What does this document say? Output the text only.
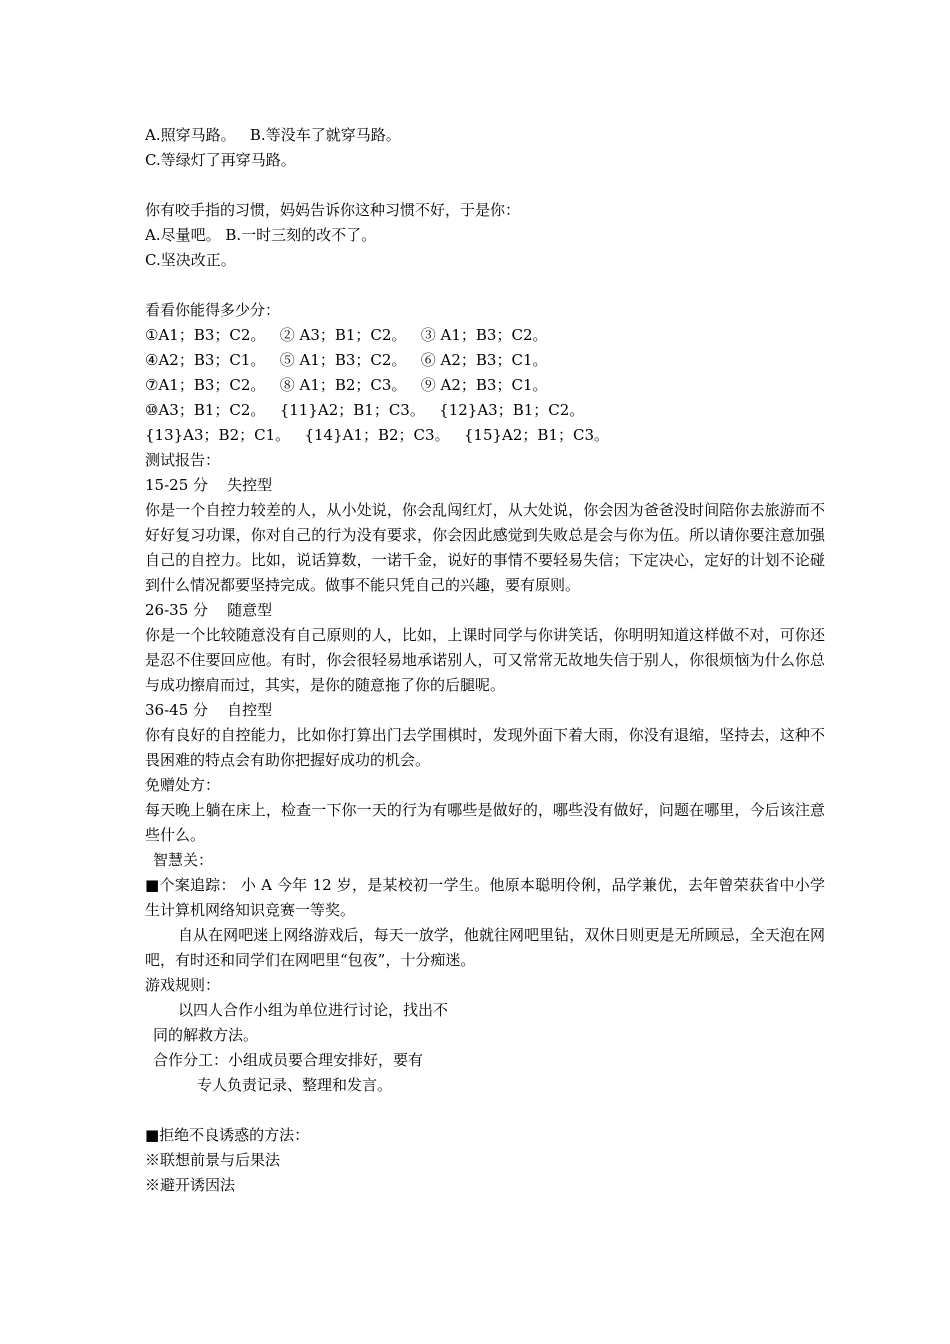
A.照穿马路。   B.等没车了就穿马路。
C.等绿灯了再穿马路。
你有咬手指的习惯，妈妈告诉你这种习惯不好，于是你：
A.尽量吧。 B.一时三刻的改不了。
C.坚决改正。
看看你能得多少分：
①A1；B3；C2。   ② A3；B1；C2。   ③ A1；B3；C2。
④A2；B3；C1。   ⑤ A1；B3；C2。   ⑥ A2；B3；C1。
⑦A1；B3；C2。   ⑧ A1；B2；C3。   ⑨ A2；B3；C1。
⑩A3；B1；C2。   {11}A2；B1；C3。   {12}A3；B1；C2。
{13}A3；B2；C1。   {14}A1；B2；C3。   {15}A2；B1；C3。
测试报告：
15-25 分    失控型
你是一个自控力较差的人，从小处说，你会乱闯红灯，从大处说，你会因为爸爸没时间陪你去旅游而不好好复习功课，你对自己的行为没有要求，你会因此感觉到失败总是会与你为伍。所以请你要注意加强自己的自控力。比如，说话算数，一诺千金，说好的事情不要轻易失信；下定决心，定好的计划不论碰到什么情况都要坚持完成。做事不能只凭自己的兴趣，要有原则。
26-35 分    随意型
你是一个比较随意没有自己原则的人，比如，上课时同学与你讲笑话，你明明知道这样做不对，可你还是忍不住要回应他。有时，你会很轻易地承诺别人，可又常常无故地失信于别人，你很烦恼为什么你总与成功擦肩而过，其实，是你的随意拖了你的后腿呢。
36-45 分    自控型
你有良好的自控能力，比如你打算出门去学围棋时，发现外面下着大雨，你没有退缩，坚持去，这种不畏困难的特点会有助你把握好成功的机会。
免赠处方：
每天晚上躺在床上，检查一下你一天的行为有哪些是做好的，哪些没有做好，问题在哪里，今后该注意些什么。
智慧关：
■个案追踪： 小 A 今年 12 岁，是某校初一学生。他原本聪明伶俐，品学兼优，去年曾荣获省中小学生计算机网络知识竞赛一等奖。
自从在网吧迷上网络游戏后，每天一放学，他就往网吧里钻，双休日则更是无所顾忌，全天泡在网吧，有时还和同学们在网吧里“包夜”，十分痴迷。
游戏规则：
以四人合作小组为单位进行讨论，找出不
同的解救方法。
合作分工：小组成员要合理安排好，要有
专人负责记录、整理和发言。
■拒绝不良诱惑的方法：
※联想前景与后果法
※避开诱因法
